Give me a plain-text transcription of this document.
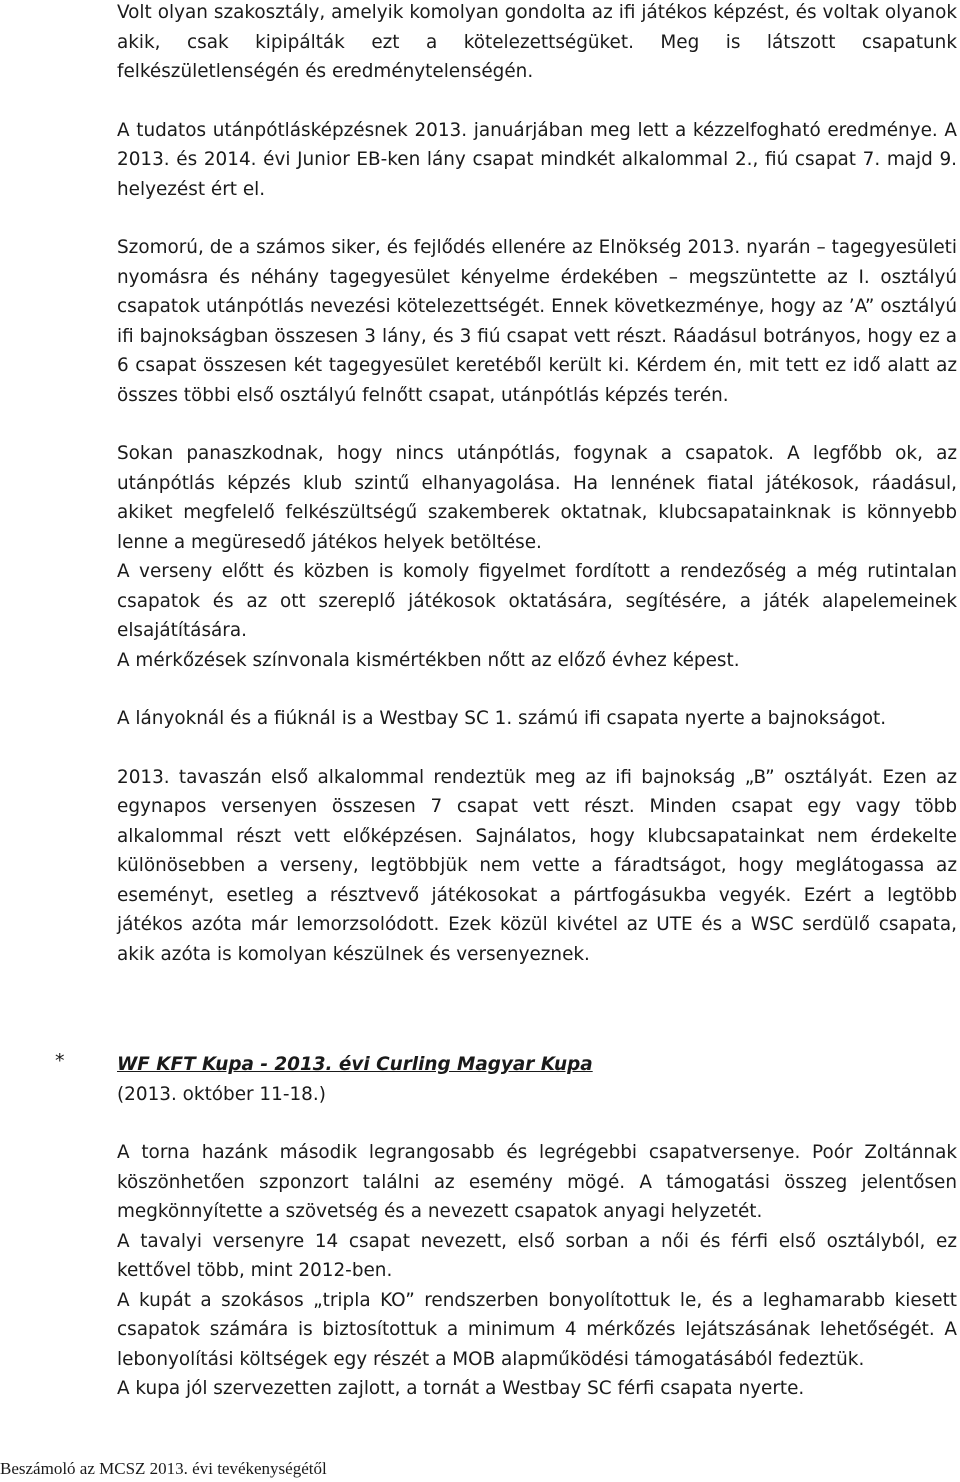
Volt olyan szakosztály, amelyik komolyan gondolta az ifi játékos képzést, és voltak olyanok akik, csak kipipálták ezt a kötelezettségüket. Meg is látszott csapatunk felkészületlenségén és eredménytelenségén.

A tudatos utánpótlásképzésnek 2013. januárjában meg lett a kézzelfogható eredménye. A 2013. és 2014. évi Junior EB-ken lány csapat mindkét alkalommal 2., fiú csapat 7. majd 9. helyezést ért el.

Szomorú, de a számos siker, és fejlődés ellenére az Elnökség 2013. nyarán – tagegyesületi nyomásra és néhány tagegyesület kényelme érdekében – megszüntette az I. osztályú csapatok utánpótlás nevezési kötelezettségét. Ennek következménye, hogy az ’A” osztályú ifi bajnokságban összesen 3 lány, és 3 fiú csapat vett részt. Ráadásul botrányos, hogy ez a 6 csapat összesen két tagegyesület keretéből került ki. Kérdem én, mit tett ez idő alatt az összes többi első osztályú felnőtt csapat, utánpótlás képzés terén.

Sokan panaszkodnak, hogy nincs utánpótlás, fogynak a csapatok. A legfőbb ok, az utánpótlás képzés klub szintű elhanyagolása. Ha lennének fiatal játékosok, ráadásul, akiket megfelelő felkészültségű szakemberek oktatnak, klubcsapatainknak is könnyebb lenne a megüresedő játékos helyek betöltése.

A verseny előtt és közben is komoly figyelmet fordított a rendezőség a még rutintalan csapatok és az ott szereplő játékosok oktatására, segítésére, a játék alapelemeinek elsajátítására.

A mérkőzések színvonala kismértékben nőtt az előző évhez képest.

A lányoknál és a fiúknál is a Westbay SC 1. számú ifi csapata nyerte a bajnokságot.

2013. tavaszán első alkalommal rendeztük meg az ifi bajnokság „B” osztályát. Ezen az egynapos versenyen összesen 7 csapat vett részt. Minden csapat egy vagy több alkalommal részt vett előképzésen. Sajnálatos, hogy klubcsapatainkat nem érdekelte különösebben a verseny, legtöbbjük nem vette a fáradtságot, hogy meglátogassa az eseményt, esetleg a résztvevő játékosokat a pártfogásukba vegyék. Ezért a legtöbb játékos azóta már lemorzsolódott. Ezek közül kivétel az UTE és a WSC serdülő csapata, akik azóta is komolyan készülnek és versenyeznek.

*	WF KFT Kupa - 2013. évi Curling Magyar Kupa
(2013. október 11-18.)

A torna hazánk második legrangosabb és legrégebbi csapatversenye. Poór Zoltánnak köszönhetően szponzort találni az esemény mögé. A támogatási összeg jelentősen megkönnyítette a szövetség és a nevezett csapatok anyagi helyzetét.

A tavalyi versenyre 14 csapat nevezett, első sorban a női és férfi első osztályból, ez kettővel több, mint 2012-ben.

A kupát a szokásos „tripla KO” rendszerben bonyolítottuk le, és a leghamarabb kiesett csapatok számára is biztosítottuk a minimum 4 mérkőzés lejátszásának lehetőségét. A lebonyolítási költségek egy részét a MOB alapműködési támogatásából fedeztük.

A kupa jól szervezetten zajlott, a tornát a Westbay SC férfi csapata nyerte.

Beszámoló az MCSZ 2013. évi tevékenységétől
